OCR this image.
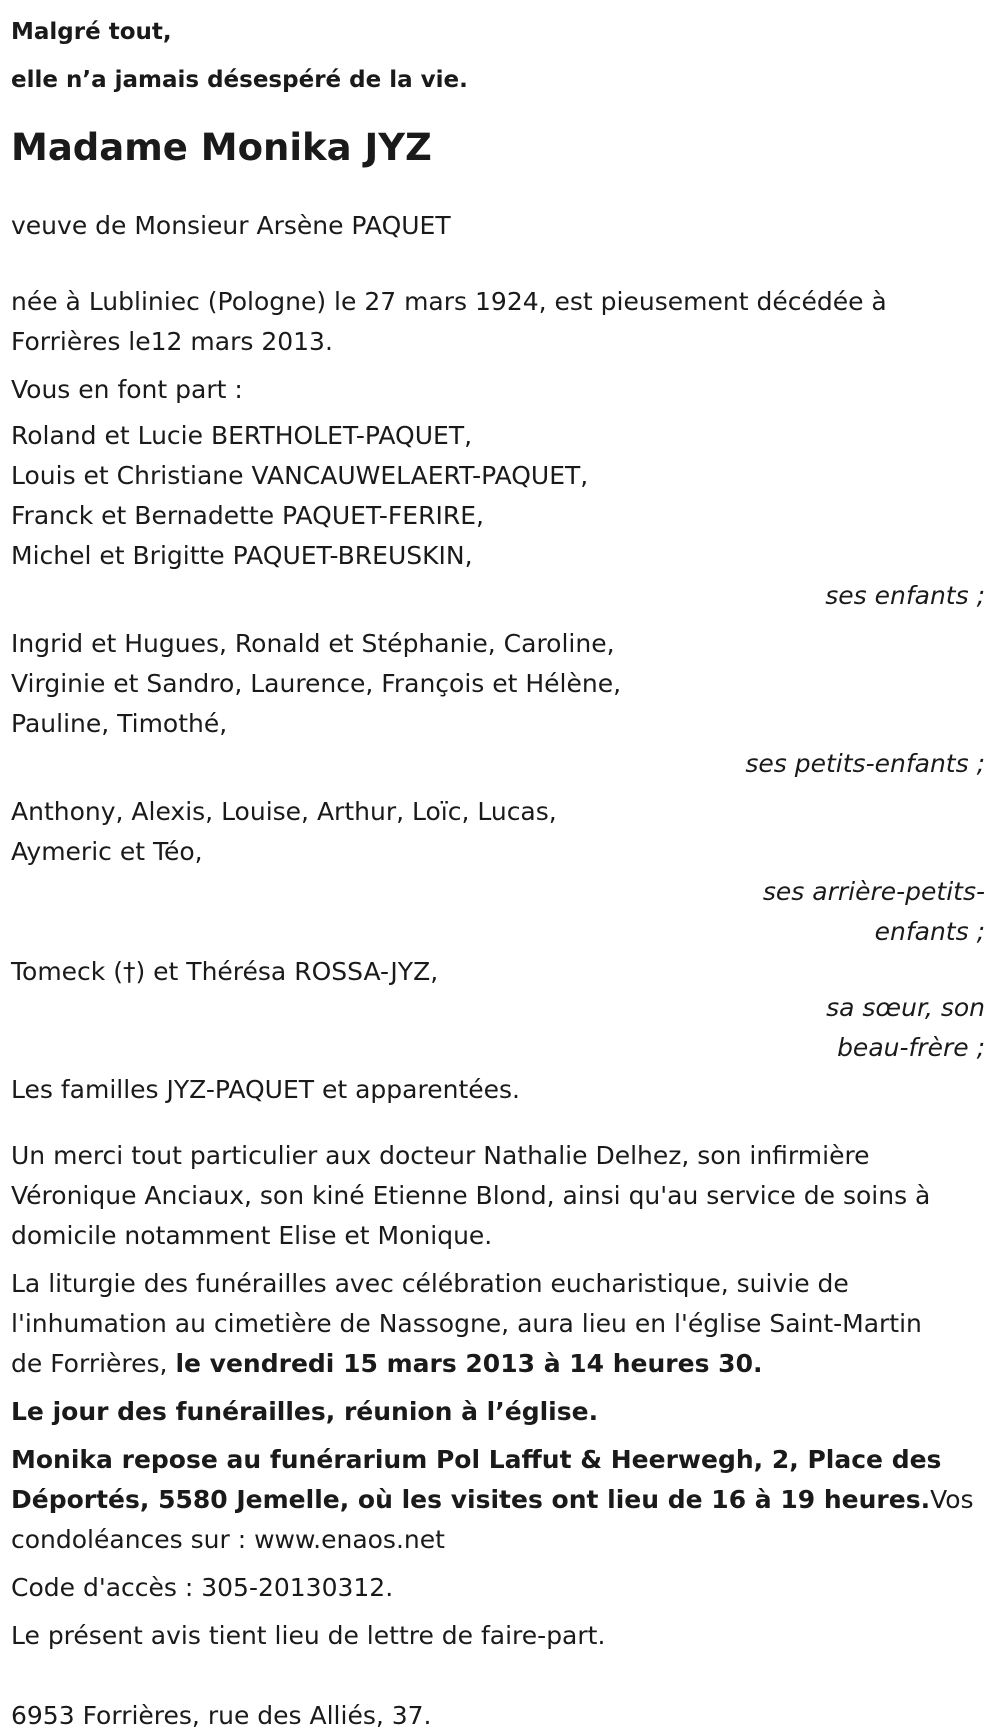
Malgré tout,
elle n’a jamais désespéré de la vie.
Madame Monika JYZ

veuve de Monsieur Arsène PAQUET

née à Lubliniec (Pologne) le 27 mars 1924, est pieusement décédée à
Forrières le12 mars 2013.

Vous en font part :

Roland et Lucie BERTHOLET-PAQUET,
Louis et Christiane VANCAUWELAERT-PAQUET,
Franck et Bernadette PAQUET-FERIRE,
Michel et Brigitte PAQUET-BREUSKIN,
ses enfants ;
Ingrid et Hugues, Ronald et Stéphanie, Caroline,
Virginie et Sandro, Laurence, François et Hélène,
Pauline, Timothé,
ses petits-enfants ;
Anthony, Alexis, Louise, Arthur, Loïc, Lucas,
Aymeric et Téo,
ses arrière-petits-
enfants ;
Tomeck (†) et Thérésa ROSSA-JYZ,
sa sœur, son
beau-frère ;

Les familles JYZ-PAQUET et apparentées.

Un merci tout particulier aux docteur Nathalie Delhez, son infirmière
Véronique Anciaux, son kiné Etienne Blond, ainsi qu'au service de soins à
domicile notamment Elise et Monique.
La liturgie des funérailles avec célébration eucharistique, suivie de
l'inhumation au cimetière de Nassogne, aura lieu en l'église Saint-Martin
de Forrières, le vendredi 15 mars 2013 à 14 heures 30.
Le jour des funérailles, réunion à l’église.
Monika repose au funérarium Pol Laffut & Heerwegh, 2, Place des
Déportés, 5580 Jemelle, où les visites ont lieu de 16 à 19 heures.Vos
condoléances sur : www.enaos.net

Code d'accès : 305-20130312.

Le présent avis tient lieu de lettre de faire-part.

6953 Forrières, rue des Alliés, 37.
